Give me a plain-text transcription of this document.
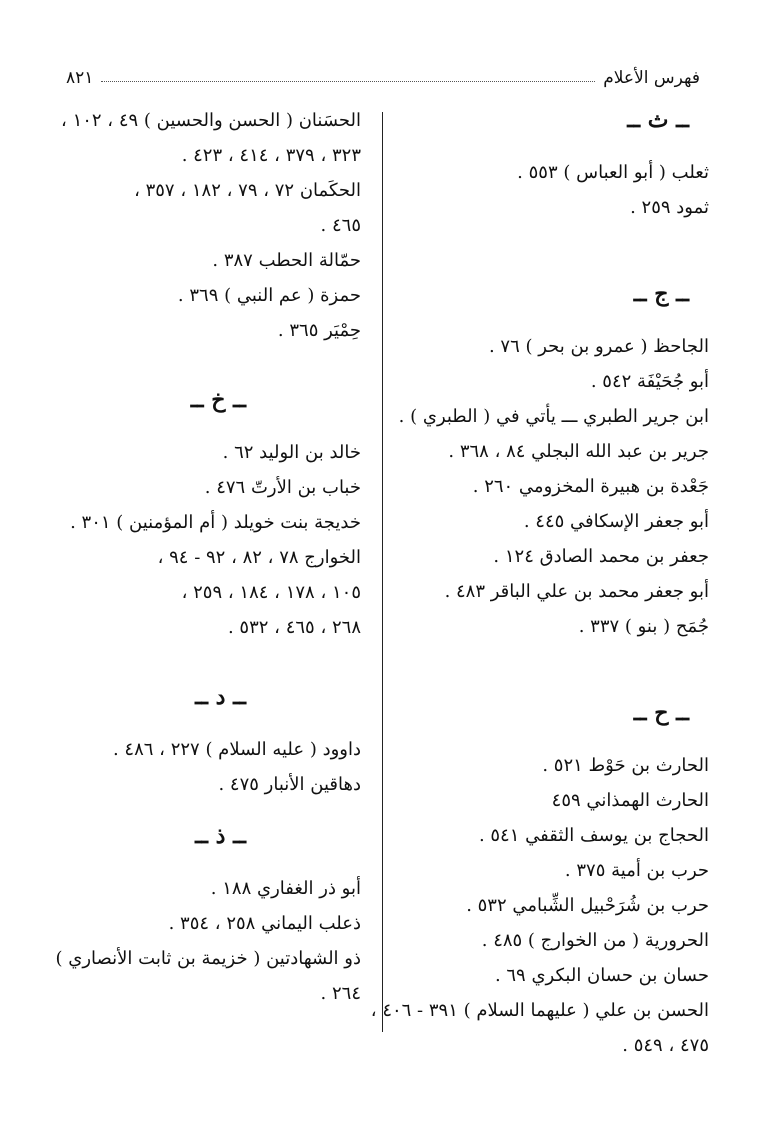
فهرس الأعلام
٨٢١
ــ ث ــ
ثعلب ( أبو العباس ) ٥٥٣ .
ثمود ٢٥٩ .
ــ ج ــ
الجاحظ ( عمرو بن بحر ) ٧٦ .
أبو جُحَيْفَة ٥٤٢ .
ابن جرير الطبري ـــ يأتي في ( الطبري ) .
جرير بن عبد الله البجلي ٨٤ ، ٣٦٨ .
جَعْدة بن هبيرة المخزومي ٢٦٠ .
أبو جعفر الإسكافي ٤٤٥ .
جعفر بن محمد الصادق ١٢٤ .
أبو جعفر محمد بن علي الباقر ٤٨٣ .
جُمَح ( بنو ) ٣٣٧ .
ــ ح ــ
الحارث بن حَوْط ٥٢١ .
الحارث الهمذاني ٤٥٩
الحجاج بن يوسف الثقفي ٥٤١ .
حرب بن أمية ٣٧٥ .
حرب بن شُرَحْبيل الشِّبامي ٥٣٢ .
الحرورية ( من الخوارج ) ٤٨٥ .
حسان بن حسان البكري ٦٩ .
الحسن بن علي ( عليهما السلام ) ٣٩١ - ٤٠٦ ،
٤٧٥ ، ٥٤٩ .
الحسَنان ( الحسن والحسين ) ٤٩ ، ١٠٢ ،
٣٢٣ ، ٣٧٩ ، ٤١٤ ، ٤٢٣ .
الحكَمان ٧٢ ، ٧٩ ، ١٨٢ ، ٣٥٧ ،
٤٦٥ .
حمّالة الحطب ٣٨٧ .
حمزة ( عم النبي ) ٣٦٩ .
حِمْيَر ٣٦٥ .
ــ خ ــ
خالد بن الوليد ٦٢ .
خباب بن الأرتّ ٤٧٦ .
خديجة بنت خويلد ( أم المؤمنين ) ٣٠١ .
الخوارج ٧٨ ، ٨٢ ، ٩٢ - ٩٤ ،
١٠٥ ، ١٧٨ ، ١٨٤ ، ٢٥٩ ،
٢٦٨ ، ٤٦٥ ، ٥٣٢ .
ــ د ــ
داوود ( عليه السلام ) ٢٢٧ ، ٤٨٦ .
دهاقين الأنبار ٤٧٥ .
ــ ذ ــ
أبو ذر الغفاري ١٨٨ .
ذعلب اليماني ٢٥٨ ، ٣٥٤ .
ذو الشهادتين ( خزيمة بن ثابت الأنصاري )
٢٦٤ .
